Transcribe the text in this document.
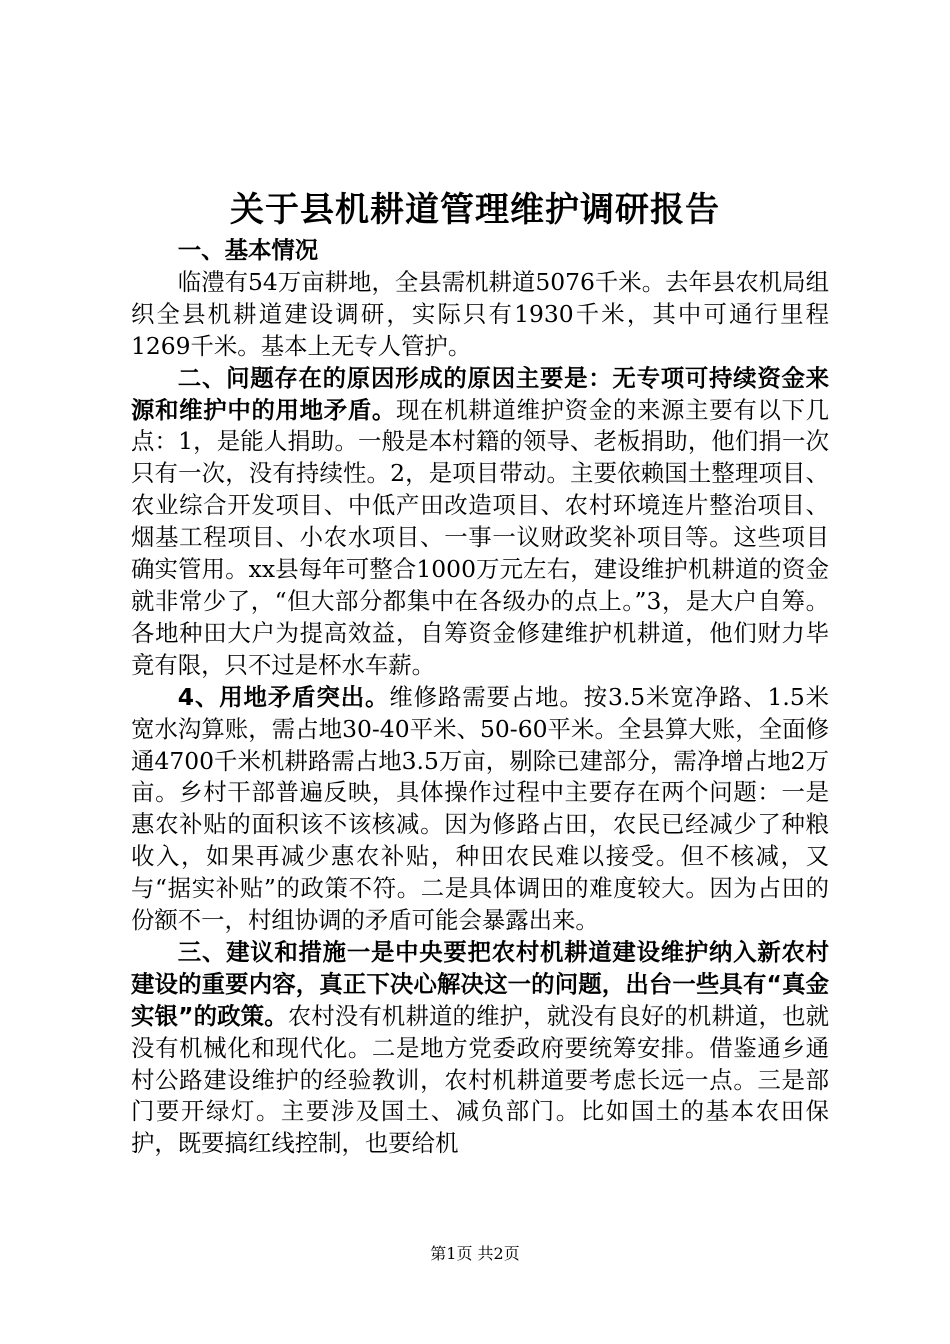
关于县机耕道管理维护调研报告

一、基本情况

临澧有54万亩耕地，全县需机耕道5076千米。去年县农机局组织全县机耕道建设调研，实际只有1930千米，其中可通行里程1269千米。基本上无专人管护。

二、问题存在的原因形成的原因主要是：无专项可持续资金来源和维护中的用地矛盾。现在机耕道维护资金的来源主要有以下几点：1，是能人捐助。一般是本村籍的领导、老板捐助，他们捐一次只有一次，没有持续性。2，是项目带动。主要依赖国土整理项目、农业综合开发项目、中低产田改造项目、农村环境连片整治项目、烟基工程项目、小农水项目、一事一议财政奖补项目等。这些项目确实管用。xx县每年可整合1000万元左右，建设维护机耕道的资金就非常少了，“但大部分都集中在各级办的点上。”3，是大户自筹。各地种田大户为提高效益，自筹资金修建维护机耕道，他们财力毕竟有限，只不过是杯水车薪。

4、用地矛盾突出。维修路需要占地。按3.5米宽净路、1.5米宽水沟算账，需占地30-40平米、50-60平米。全县算大账，全面修通4700千米机耕路需占地3.5万亩，剔除已建部分，需净增占地2万亩。乡村干部普遍反映，具体操作过程中主要存在两个问题：一是惠农补贴的面积该不该核减。因为修路占田，农民已经减少了种粮收入，如果再减少惠农补贴，种田农民难以接受。但不核减，又与“据实补贴”的政策不符。二是具体调田的难度较大。因为占田的份额不一，村组协调的矛盾可能会暴露出来。

三、建议和措施一是中央要把农村机耕道建设维护纳入新农村建设的重要内容，真正下决心解决这一的问题，出台一些具有“真金实银”的政策。农村没有机耕道的维护，就没有良好的机耕道，也就没有机械化和现代化。二是地方党委政府要统筹安排。借鉴通乡通村公路建设维护的经验教训，农村机耕道要考虑长远一点。三是部门要开绿灯。主要涉及国土、减负部门。比如国土的基本农田保护，既要搞红线控制，也要给机

第1页 共2页
